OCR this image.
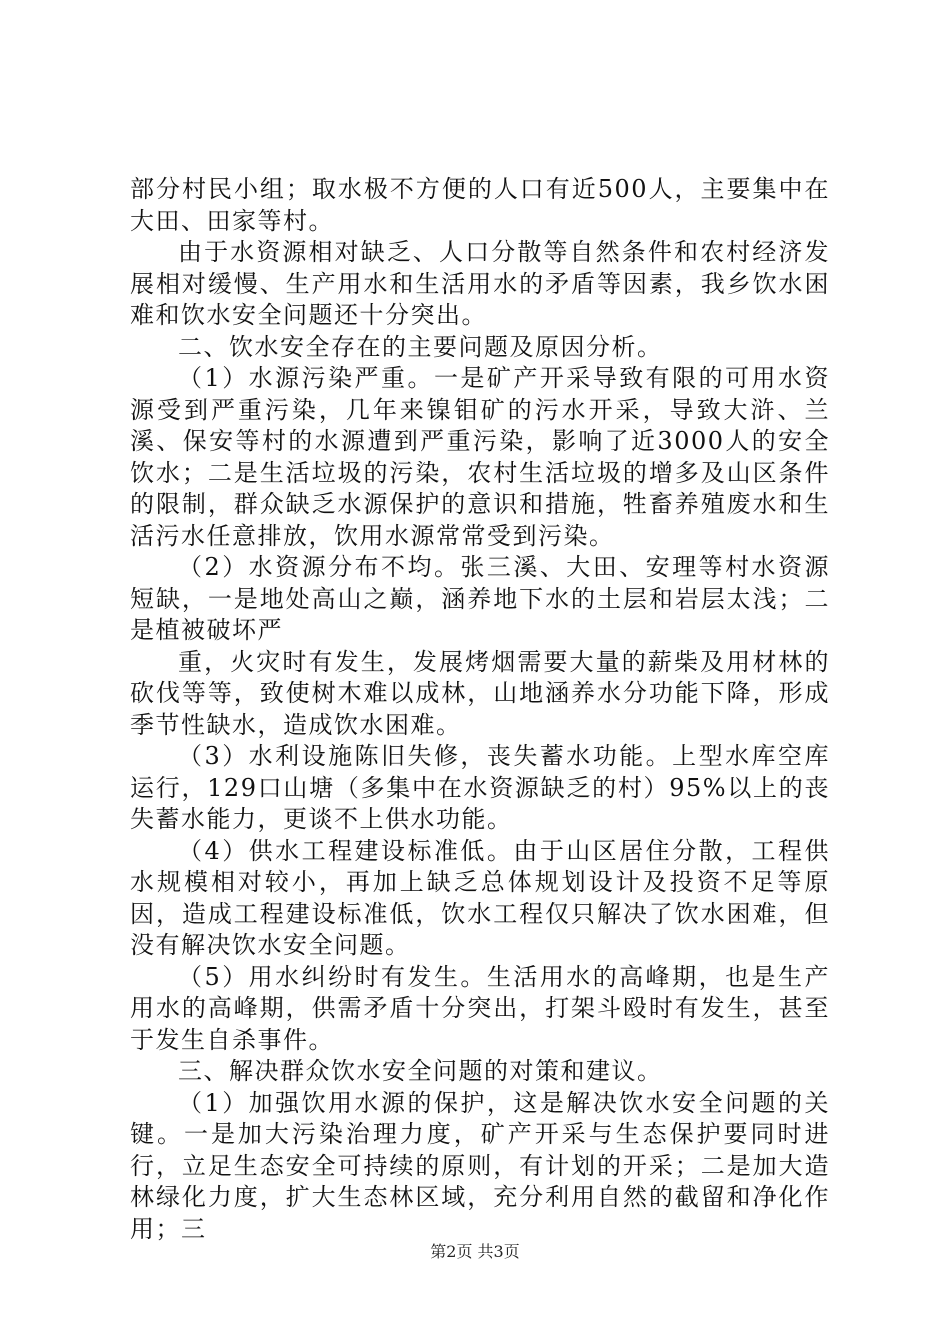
部分村民小组；取水极不方便的人口有近500人，主要集中在大田、田家等村。

由于水资源相对缺乏、人口分散等自然条件和农村经济发展相对缓慢、生产用水和生活用水的矛盾等因素，我乡饮水困难和饮水安全问题还十分突出。

二、饮水安全存在的主要问题及原因分析。

（1）水源污染严重。一是矿产开采导致有限的可用水资源受到严重污染，几年来镍钼矿的污水开采，导致大浒、兰溪、保安等村的水源遭到严重污染，影响了近3000人的安全饮水；二是生活垃圾的污染，农村生活垃圾的增多及山区条件的限制，群众缺乏水源保护的意识和措施，牲畜养殖废水和生活污水任意排放，饮用水源常常受到污染。

（2）水资源分布不均。张三溪、大田、安理等村水资源短缺，一是地处高山之巅，涵养地下水的土层和岩层太浅；二是植被破坏严

重，火灾时有发生，发展烤烟需要大量的薪柴及用材林的砍伐等等，致使树木难以成林，山地涵养水分功能下降，形成季节性缺水，造成饮水困难。

（3）水利设施陈旧失修，丧失蓄水功能。上型水库空库运行，129口山塘（多集中在水资源缺乏的村）95%以上的丧失蓄水能力，更谈不上供水功能。

（4）供水工程建设标准低。由于山区居住分散，工程供水规模相对较小，再加上缺乏总体规划设计及投资不足等原因，造成工程建设标准低，饮水工程仅只解决了饮水困难，但没有解决饮水安全问题。

（5）用水纠纷时有发生。生活用水的高峰期，也是生产用水的高峰期，供需矛盾十分突出，打架斗殴时有发生，甚至于发生自杀事件。

三、解决群众饮水安全问题的对策和建议。

（1）加强饮用水源的保护，这是解决饮水安全问题的关键。一是加大污染治理力度，矿产开采与生态保护要同时进行，立足生态安全可持续的原则，有计划的开采；二是加大造林绿化力度，扩大生态林区域，充分利用自然的截留和净化作用；三

第2页 共3页
